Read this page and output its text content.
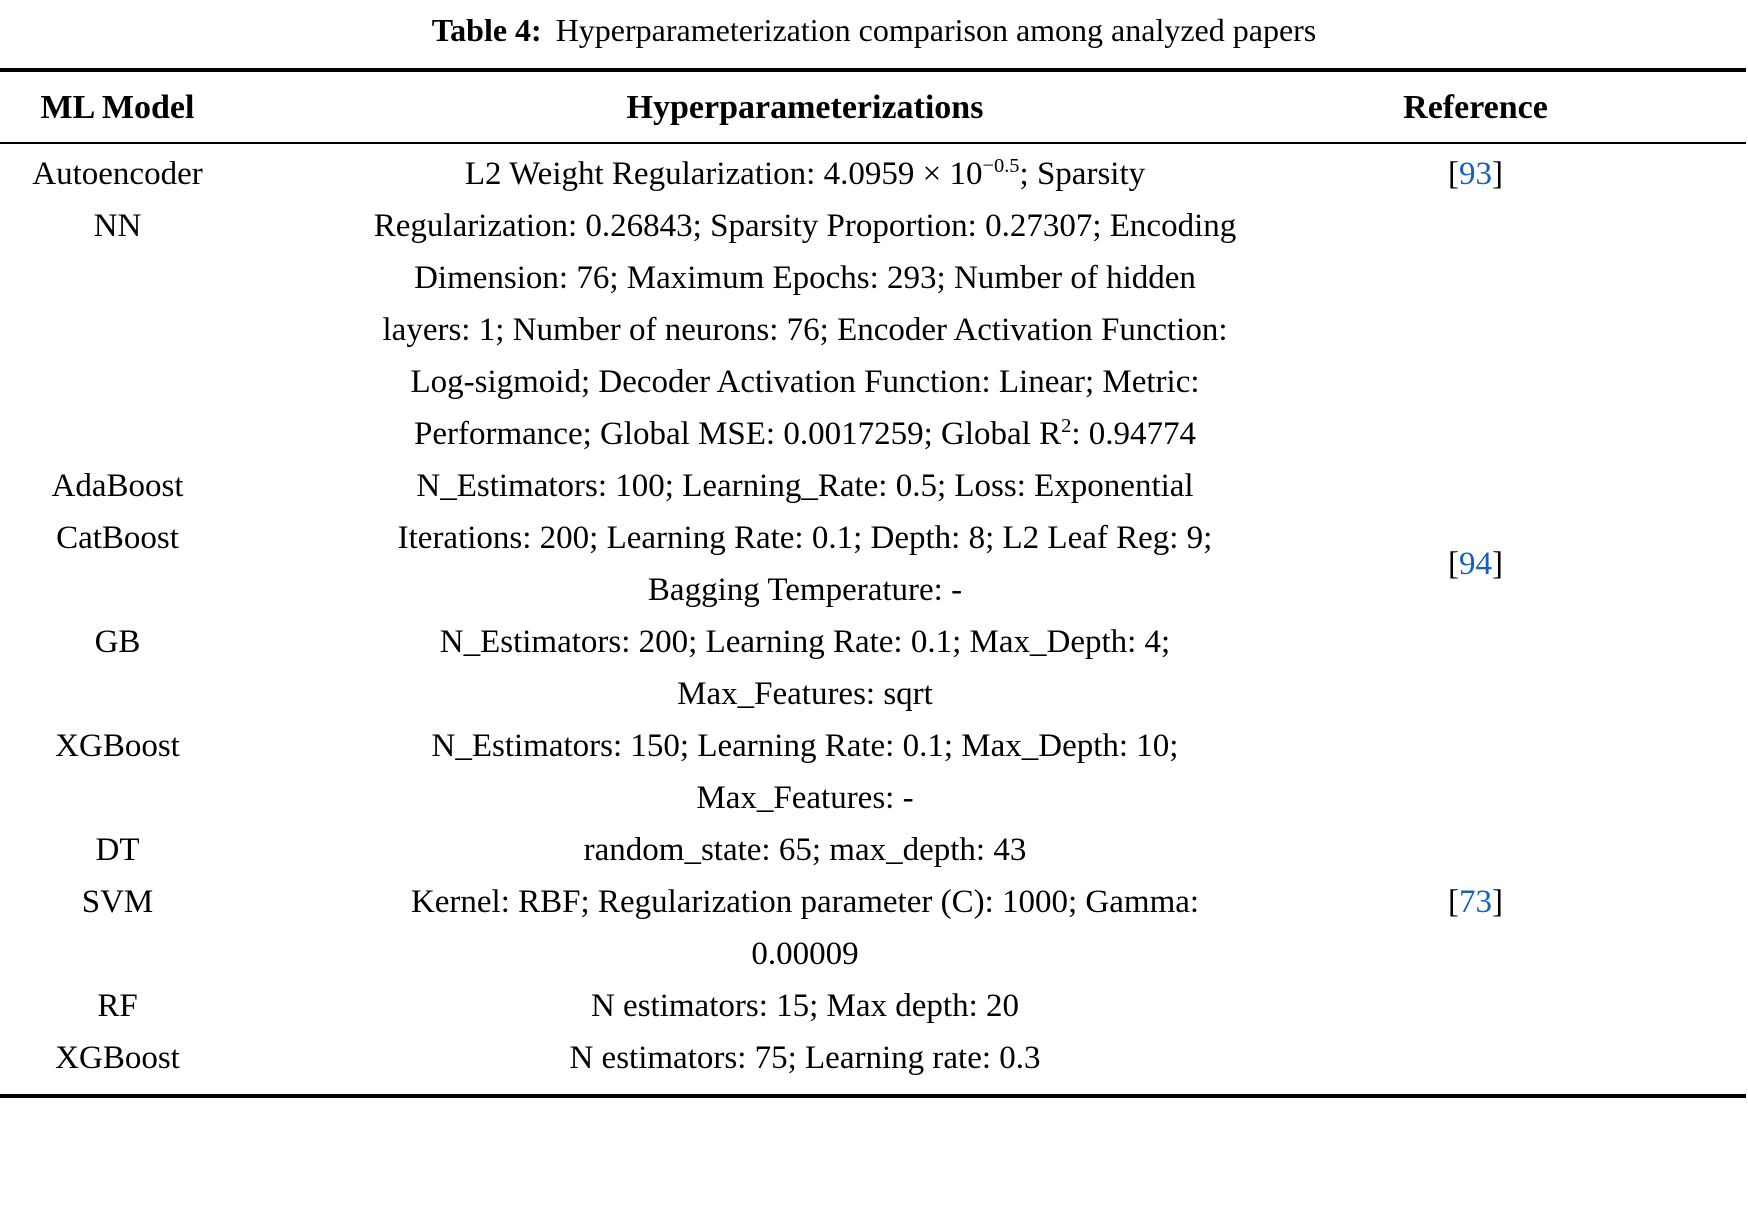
Table 4: Hyperparameterization comparison among analyzed papers
ML Model	Hyperparameterizations	Reference
Autoencoder NN	L2 Weight Regularization: $4.0959 \times 10^{-0.5}$; Sparsity
Regularization: 0.26843; Sparsity Proportion: 0.27307; Encoding
Dimension: 76; Maximum Epochs: 293; Number of hidden
layers: 1; Number of neurons: 76; Encoder Activation Function:
Log-sigmoid; Decoder Activation Function: Linear; Metric:
Performance; Global MSE: 0.0017259; Global $R^2$: 0.94774	[93]
AdaBoost	N_Estimators: 100; Learning_Rate: 0.5; Loss: Exponential	
CatBoost	Iterations: 200; Learning Rate: 0.1; Depth: 8; L2 Leaf Reg: 9;
Bagging Temperature: -	[94]
GB	N_Estimators: 200; Learning Rate: 0.1; Max_Depth: 4;
Max_Features: sqrt	
XGBoost	N_Estimators: 150; Learning Rate: 0.1; Max_Depth: 10;
Max_Features: -	
DT	random_state: 65; max_depth: 43	
SVM	Kernel: RBF; Regularization parameter (C): 1000; Gamma:
0.00009	[73]
RF	N estimators: 15; Max depth: 20	
XGBoost	N estimators: 75; Learning rate: 0.3	
